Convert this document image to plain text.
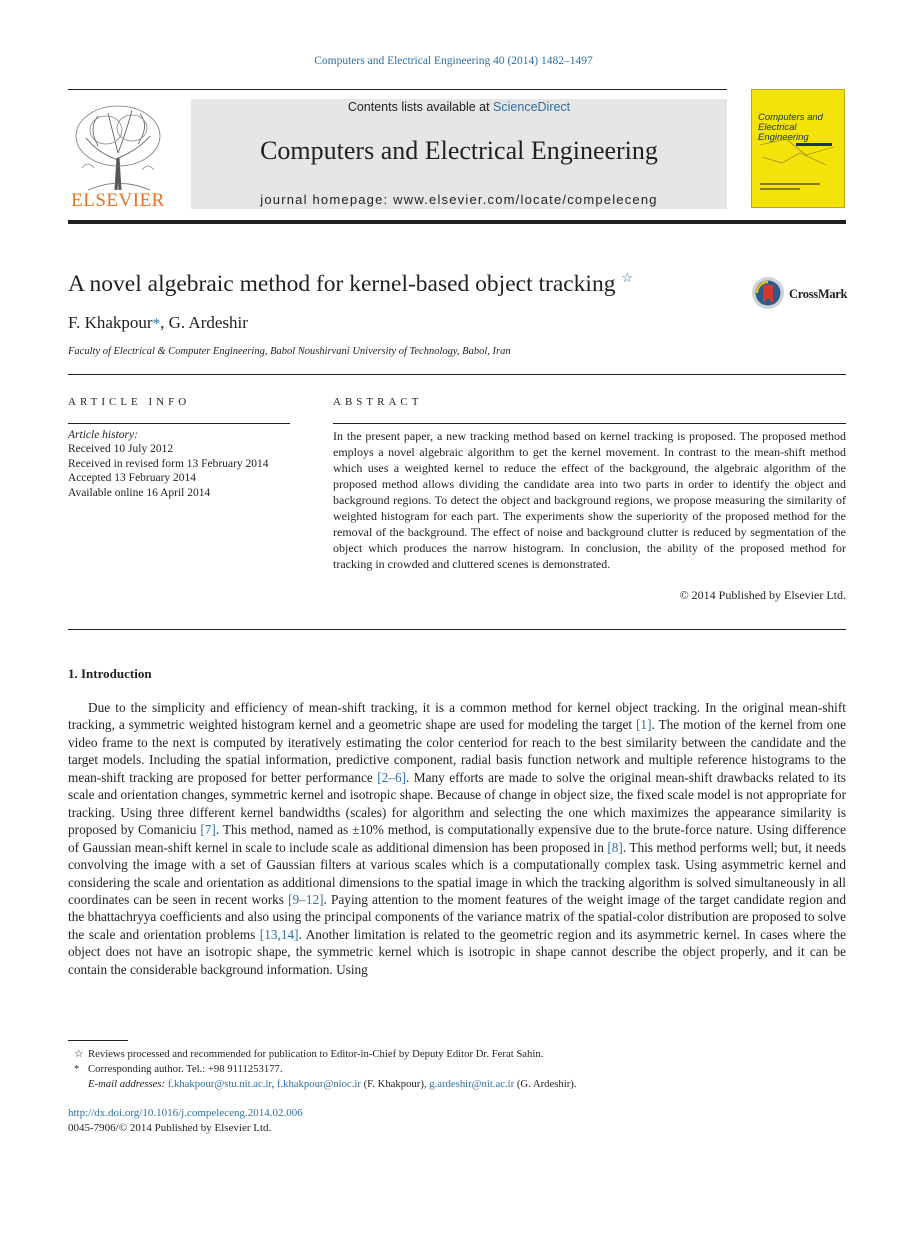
Computers and Electrical Engineering 40 (2014) 1482–1497
ELSEVIER
Contents lists available at ScienceDirect
Computers and Electrical Engineering
journal homepage: www.elsevier.com/locate/compeleceng
Computers and Electrical Engineering
A novel algebraic method for kernel-based object tracking ☆
CrossMark
F. Khakpour*, G. Ardeshir
Faculty of Electrical & Computer Engineering, Babol Noushirvani University of Technology, Babol, Iran
ARTICLE INFO
Article history:
Received 10 July 2012
Received in revised form 13 February 2014
Accepted 13 February 2014
Available online 16 April 2014
ABSTRACT
In the present paper, a new tracking method based on kernel tracking is proposed. The proposed method employs a novel algebraic algorithm to get the kernel movement. In contrast to the mean-shift method which uses a weighted kernel to reduce the effect of the background, the algebraic algorithm of the proposed method allows dividing the candidate area into two parts in order to identify the object and background regions. To detect the object and background regions, we propose measuring the similarity of weighted histogram for each part. The experiments show the superiority of the proposed method for the removal of the background. The effect of noise and background clutter is reduced by segmentation of the object which produces the narrow histogram. In conclusion, the ability of the proposed method for tracking in crowded and cluttered scenes is demonstrated.
© 2014 Published by Elsevier Ltd.
1. Introduction
Due to the simplicity and efficiency of mean-shift tracking, it is a common method for kernel object tracking. In the original mean-shift tracking, a symmetric weighted histogram kernel and a geometric shape are used for modeling the target [1]. The motion of the kernel from one video frame to the next is computed by iteratively estimating the color centeriod for reach to the best similarity between the candidate and the target models. Including the spatial information, predictive component, radial basis function network and multiple reference histograms to the mean-shift tracking are proposed for better performance [2–6]. Many efforts are made to solve the original mean-shift drawbacks related to its scale and orientation changes, symmetric kernel and isotropic shape. Because of change in object size, the fixed scale model is not appropriate for tracking. Using three different kernel bandwidths (scales) for algorithm and selecting the one which maximizes the appearance similarity is proposed by Comaniciu [7]. This method, named as ±10% method, is computationally expensive due to the brute-force nature. Using difference of Gaussian mean-shift kernel in scale to include scale as additional dimension has been proposed in [8]. This method performs well; but, it needs convolving the image with a set of Gaussian filters at various scales which is a computationally complex task. Using asymmetric kernel and considering the scale and orientation as additional dimensions to the spatial image in which the tracking algorithm is solved simultaneously in all coordinates can be seen in recent works [9–12]. Paying attention to the moment features of the weight image of the target candidate region and the bhattachryya coefficients and also using the principal components of the variance matrix of the spatial-color distribution are proposed to solve the scale and orientation problems [13,14]. Another limitation is related to the geometric region and its asymmetric kernel. In cases where the object does not have an isotropic shape, the symmetric kernel which is isotropic in shape cannot describe the object properly, and it can be contain the considerable background information. Using
☆ Reviews processed and recommended for publication to Editor-in-Chief by Deputy Editor Dr. Ferat Sahin.
* Corresponding author. Tel.: +98 9111253177.
E-mail addresses: f.khakpour@stu.nit.ac.ir, f.khakpour@nioc.ir (F. Khakpour), g.ardeshir@nit.ac.ir (G. Ardeshir).
http://dx.doi.org/10.1016/j.compeleceng.2014.02.006
0045-7906/© 2014 Published by Elsevier Ltd.
